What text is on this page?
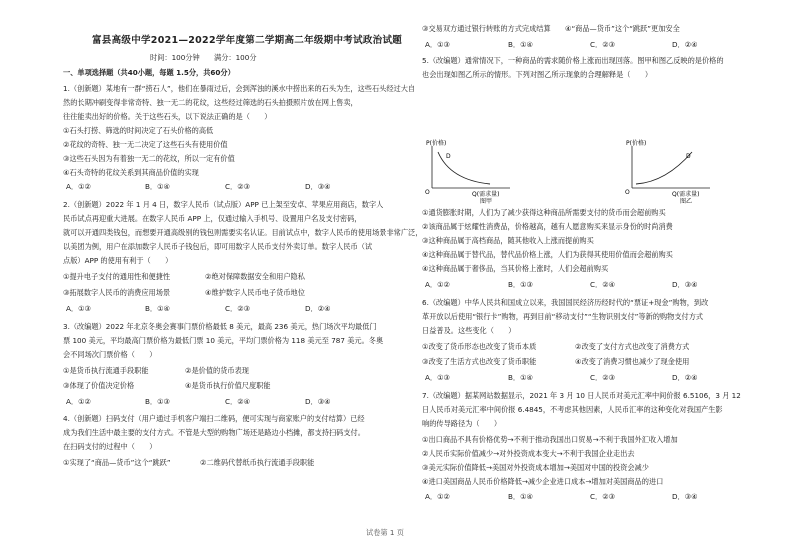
富县高级中学2021—2022学年度第二学期高二年级期中考试政治试题
时间：100分钟　　满分：100分
一、单项选择题（共40小题，每题 1.5分，共60分）
1.（创新题）某地有一群“捞石人”，他们在暴雨过后，会到浑浊的溪水中捞出来的石头为生，这些石头经过大自
然的长期冲刷变得非常奇特、独一无二的花纹，这些经过筛选的石头拍摄照片放在网上售卖，
往往能卖出好的价格。关于这些石头，以下说法正确的是（　　）
①石头打捞、筛选的时间决定了石头价格的高低
②花纹的奇特、独一无二决定了这些石头有使用价值
③这些石头因为有着独一无二的花纹，所以一定有价值
④石头奇特的花纹关系到其商品价值的实现
A．①②	B．①④	C．②③	D．③④
2.（创新题）2022 年 1 月 4 日，数字人民币（试点版）APP 已上架至安卓、苹果应用商店，数字人
民币试点再迎重大进展。在数字人民币 APP 上，仅通过输入手机号、设置用户名及支付密码，
就可以开通四类钱包，而想要开通高级别的钱包则需要实名认证。目前试点中，数字人民币的使用场景非常广泛，
以美团为例，用户在添加数字人民币子钱包后，即可用数字人民币支付外卖订单。数字人民币（试
点版）APP 的使用有利于（　　）
①提升电子支付的通用性和便捷性	②绝对保障数据安全和用户隐私
③拓展数字人民币的消费应用场景	④维护数字人民币电子货币地位
A．①③	B．①④	C．②③	D．②④
3.（改编题）2022 年北京冬奥会赛事门票价格最低 8 美元，最高 236 美元，热门场次平均最低门
票 100 美元，平均最高门票价格为最低门票 10 美元，平均门票价格为 118 美元至 787 美元。冬奥
会不同场次门票价格（　　）
①是货币执行流通手段职能	②是价值的货币表现
③体现了价值决定价格	④是货币执行价值尺度职能
A．①②	B．①③	C．②④	D．③④
4.（创新题）扫码支付（用户通过手机客户端扫二维码，便可实现与商家账户的支付结算）已经
成为我们生活中最主要的支付方式。不管是大型的购物广场还是路边小档摊，都支持扫码支付。
在扫码支付的过程中（　　）
①实现了“商品—货币”这个“跳跃”	②二维码代替纸币执行流通手段职能
③交易双方通过银行转账的方式完成结算 ④“商品—货币”这个“跳跃”更加安全
A．①③	B．①④	C．②③	D．②④
5.（改编题）通常情况下，一种商品的需求随价格上涨而出现回落。图甲和图乙反映的是价格的
也会出现如图乙所示的情形。下列对图乙所示现象的合理解释是（　　）
P(价格)
D
O	Q(需求量)
图甲
P(价格)
D
O	Q(需求量)
图乙
①通货膨胀时期，人们为了减少获得这种商品所需要支付的货币而会超前购买
②该商品属于炫耀性消费品，价格越高，越有人愿意购买来显示身份的时尚消费
③这种商品属于高档商品，随其他收入上涨而提前购买
④这种商品属于替代品，替代品价格上涨，人们为获得其使用价值而会超前购买
④这种商品属于奢侈品，当其价格上涨时，人们会超前购买
A．①②	B．①③	C．②④	D．③④
6.（改编题）中华人民共和国成立以来，我国国民经济历经时代的“票证+现金”购物，到改
革开放以后使用“银行卡”购物，再到目前“移动支付”“生物识别支付”等新的购物支付方式
日益普及。这些变化（　　）
①改变了货币形态也改变了货币本质	②改变了支付方式也改变了消费方式
③改变了生活方式也改变了货币职能	④改变了消费习惯也减少了现金使用
A．①③	B．①④	C．②③	D．②④
7.（改编题）据某网站数据显示，2021 年 3 月 10 日人民币对美元汇率中间价报 6.5106，3 月 12
日人民币对美元汇率中间价报 6.4845，不考虑其他因素，人民币汇率的这种变化对我国产生影
响的传导路径为（　　）
①出口商品不具有价格优势→不利于推动我国出口贸易→不利于我国外汇收入增加
②人民币实际价值减少→对外投资成本变大→不利于我国企业走出去
③美元实际价值降低→美国对外投资成本增加→美国对中国的投资会减少
④进口美国商品人民币价格降低→减少企业进口成本→增加对美国商品的进口
A．①②	B．①④	C．②③	D．③④
试卷第 1 页
